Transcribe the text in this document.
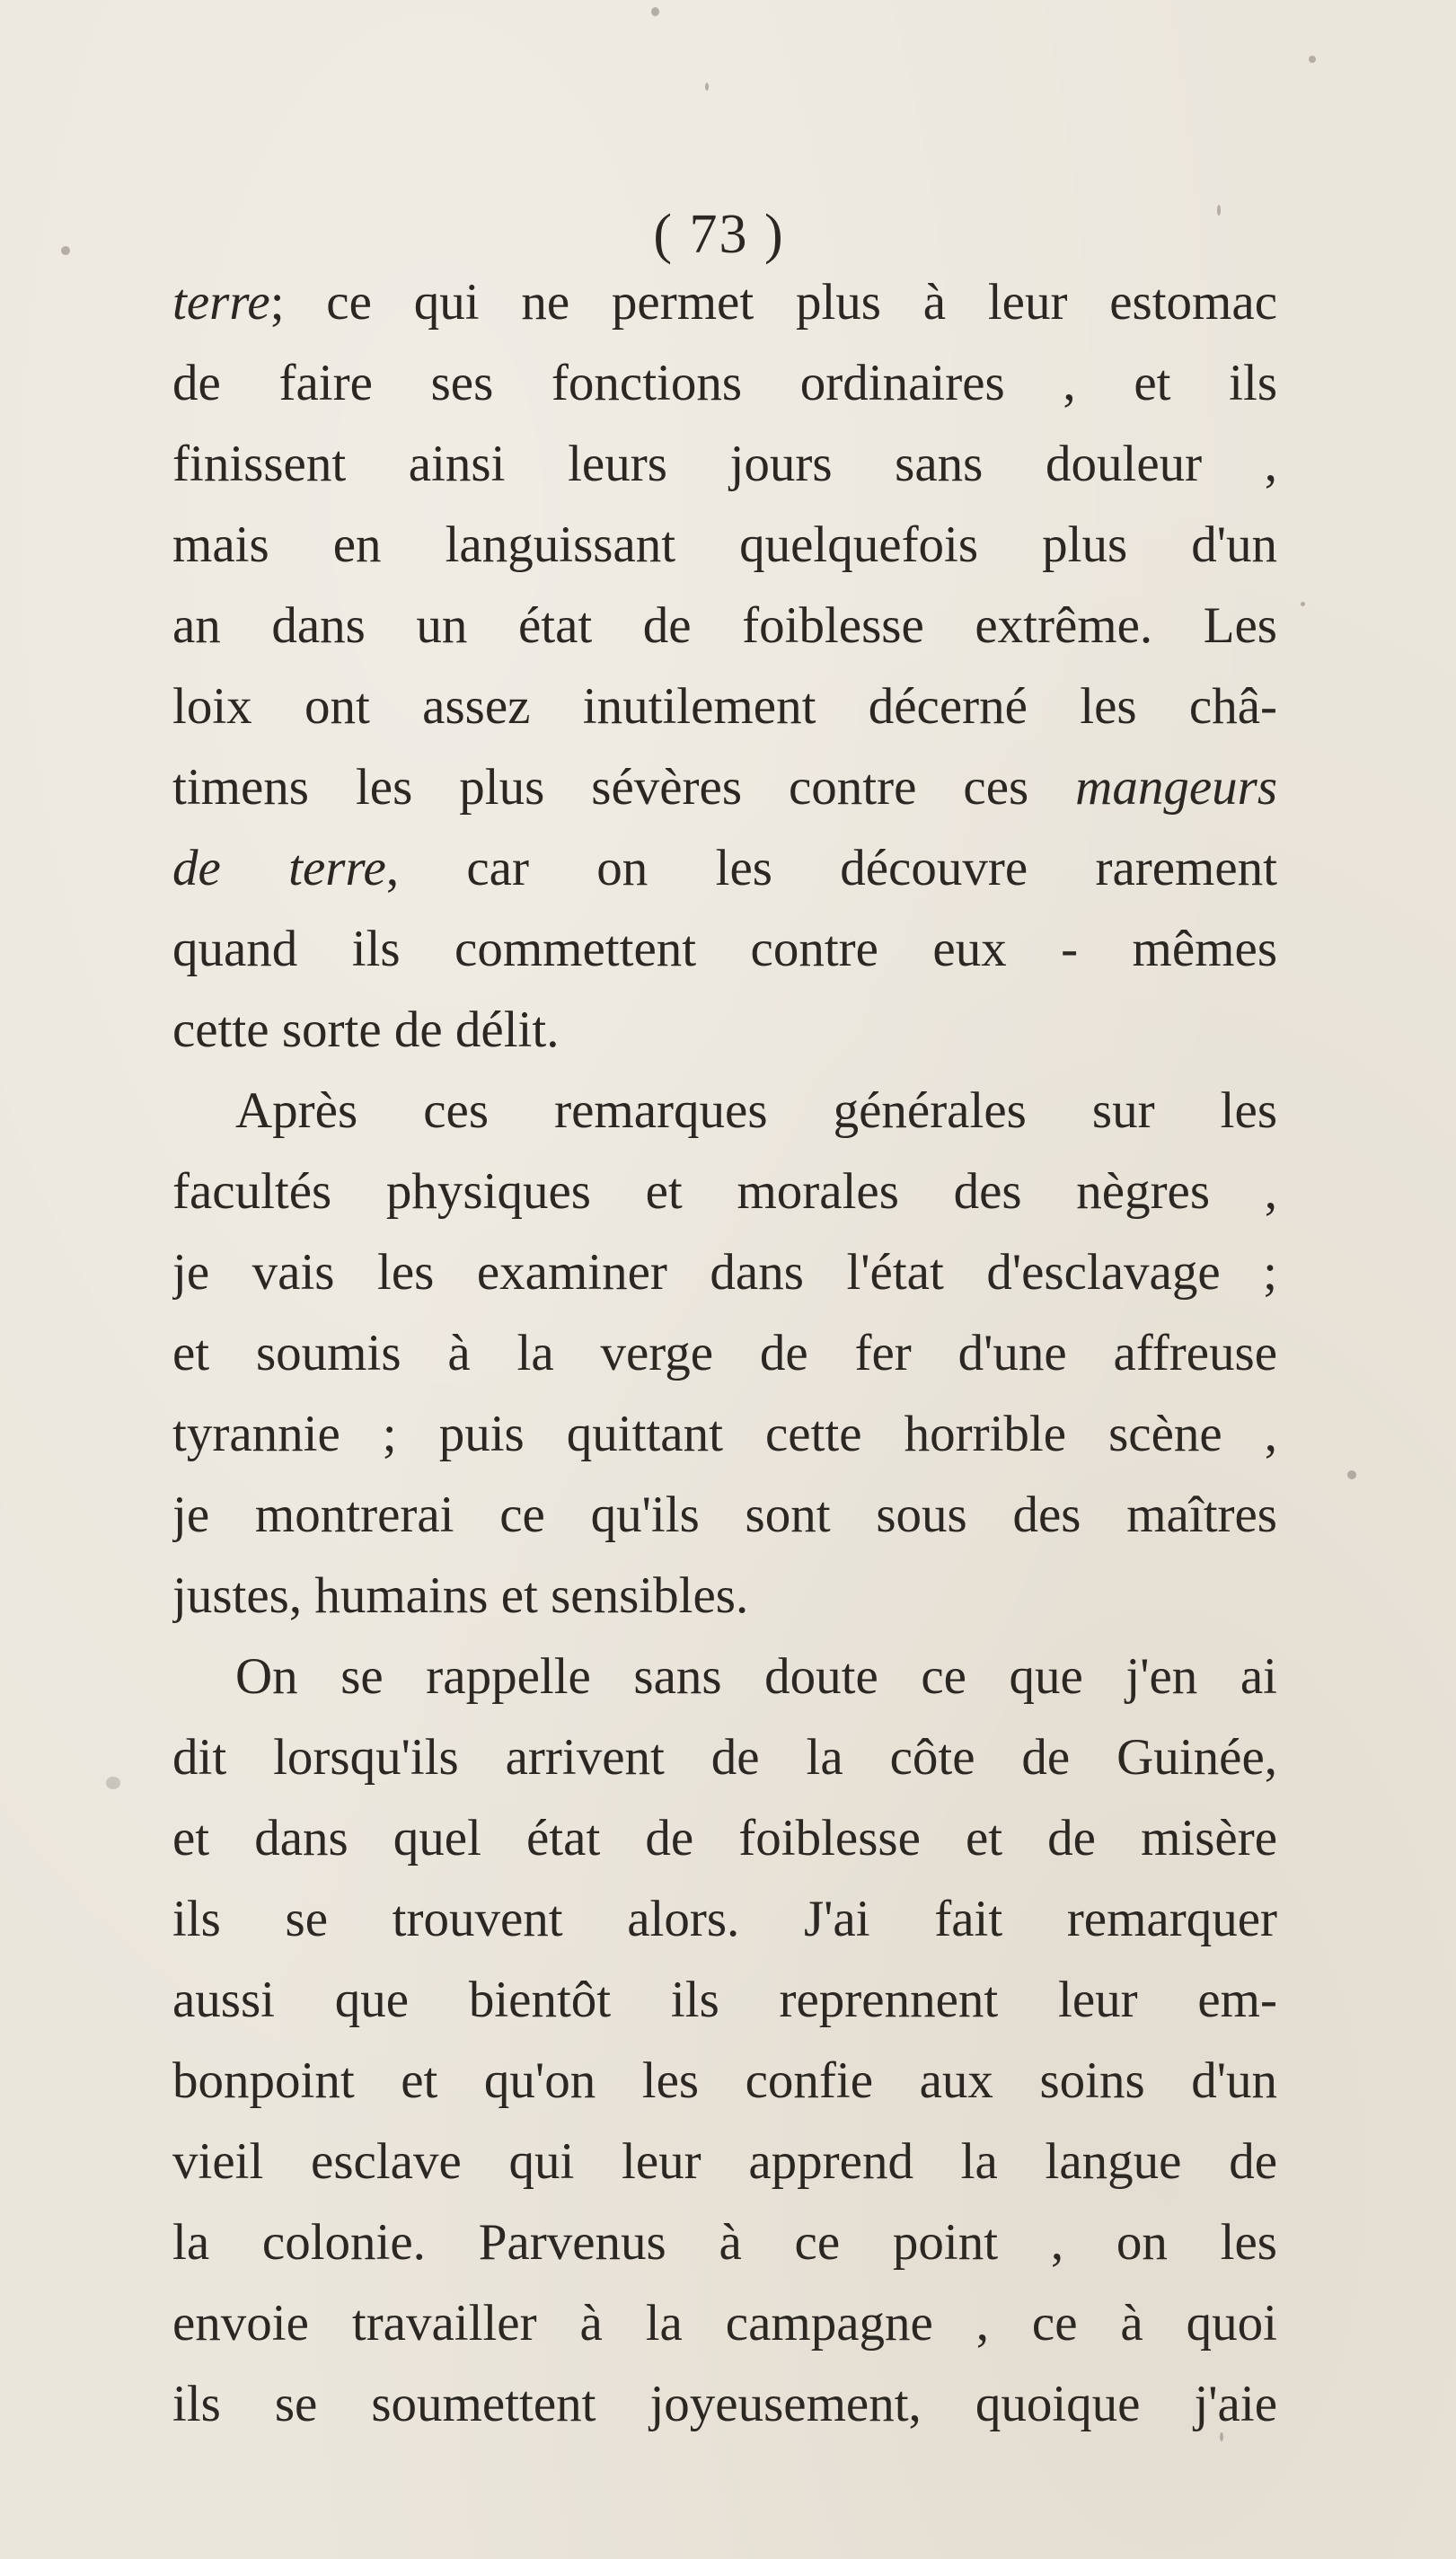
( 73 )
terre; ce qui ne permet plus à leur estomac
de faire ses fonctions ordinaires , et ils
finissent ainsi leurs jours sans douleur ,
mais en languissant quelquefois plus d'un
an dans un état de foiblesse extrême. Les
loix ont assez inutilement décerné les châ-
timens les plus sévères contre ces mangeurs
de terre, car on les découvre rarement
quand ils commettent contre eux - mêmes
cette sorte de délit.
Après ces remarques générales sur les
facultés physiques et morales des nègres ,
je vais les examiner dans l'état d'esclavage ;
et soumis à la verge de fer d'une affreuse
tyrannie ; puis quittant cette horrible scène ,
je montrerai ce qu'ils sont sous des maîtres
justes, humains et sensibles.
On se rappelle sans doute ce que j'en ai
dit lorsqu'ils arrivent de la côte de Guinée,
et dans quel état de foiblesse et de misère
ils se trouvent alors. J'ai fait remarquer
aussi que bientôt ils reprennent leur em-
bonpoint et qu'on les confie aux soins d'un
vieil esclave qui leur apprend la langue de
la colonie. Parvenus à ce point , on les
envoie travailler à la campagne , ce à quoi
ils se soumettent joyeusement, quoique j'aie
